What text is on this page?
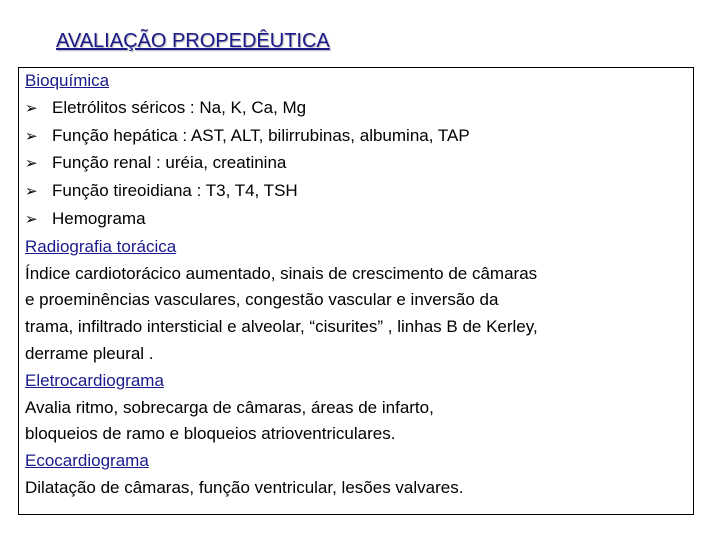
AVALIAÇÃO PROPEDÊUTICA
Bioquímica
➢ Eletrólitos séricos : Na, K, Ca, Mg
➢ Função hepática : AST, ALT, bilirrubinas, albumina, TAP
➢ Função renal : uréia, creatinina
➢ Função tireoidiana : T3, T4, TSH
➢ Hemograma
Radiografia torácica
Índice cardiotorácico aumentado, sinais de crescimento de câmaras
e proeminências vasculares, congestão vascular e inversão da
trama, infiltrado intersticial e alveolar, “cisurites” , linhas B de Kerley,
derrame pleural .
Eletrocardiograma
Avalia ritmo, sobrecarga de câmaras, áreas de infarto,
bloqueios de ramo e bloqueios atrioventriculares.
Ecocardiograma
Dilatação de câmaras, função ventricular, lesões valvares.
